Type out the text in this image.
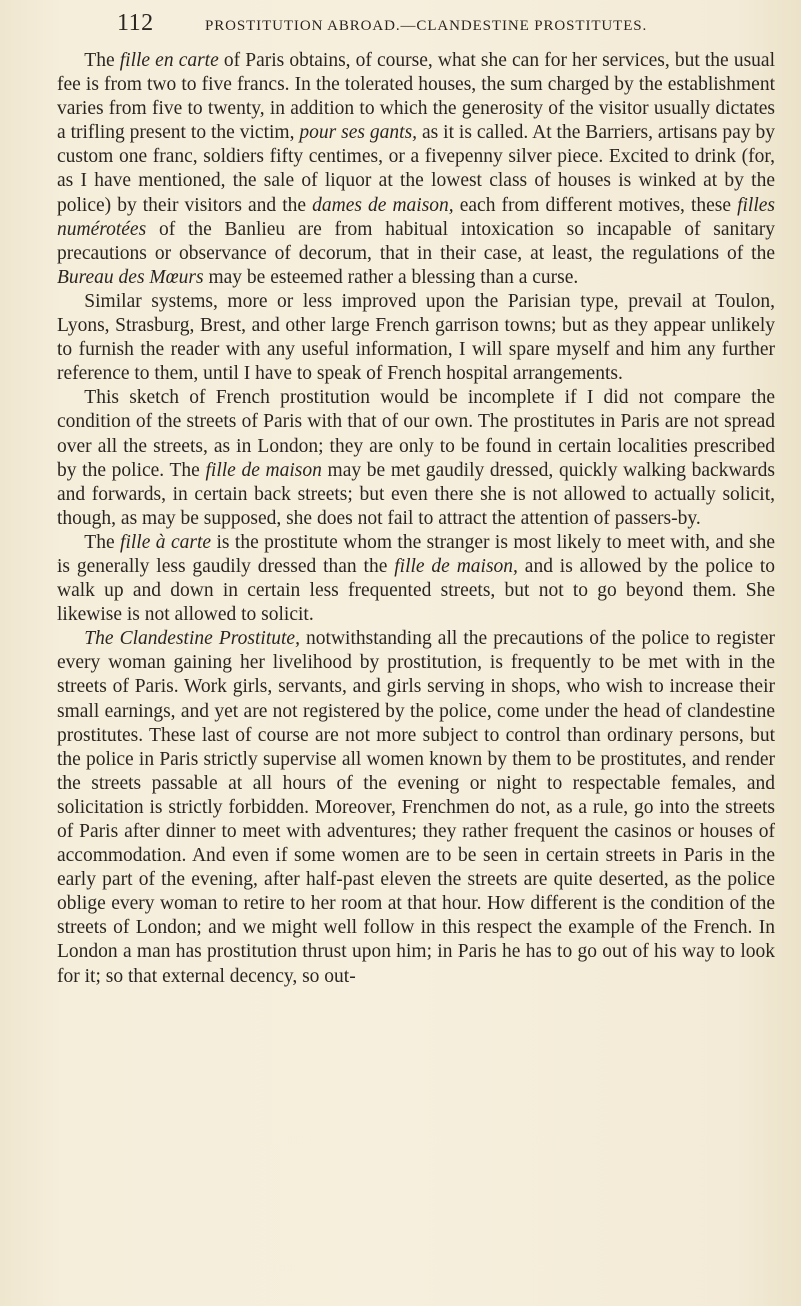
112	PROSTITUTION ABROAD.—CLANDESTINE PROSTITUTES.

The fille en carte of Paris obtains, of course, what she can for her services, but the usual fee is from two to five francs. In the tolerated houses, the sum charged by the establishment varies from five to twenty, in addition to which the generosity of the visitor usually dictates a trifling present to the victim, pour ses gants, as it is called. At the Barriers, artisans pay by custom one franc, soldiers fifty centimes, or a fivepenny silver piece. Excited to drink (for, as I have mentioned, the sale of liquor at the lowest class of houses is winked at by the police) by their visitors and the dames de maison, each from different motives, these filles numérotées of the Banlieu are from habitual intoxication so incapable of sanitary precautions or observance of decorum, that in their case, at least, the regulations of the Bureau des Mœurs may be esteemed rather a blessing than a curse.

Similar systems, more or less improved upon the Parisian type, prevail at Toulon, Lyons, Strasburg, Brest, and other large French garrison towns; but as they appear unlikely to furnish the reader with any useful information, I will spare myself and him any further reference to them, until I have to speak of French hospital arrangements.

This sketch of French prostitution would be incomplete if I did not compare the condition of the streets of Paris with that of our own. The prostitutes in Paris are not spread over all the streets, as in London; they are only to be found in certain localities prescribed by the police. The fille de maison may be met gaudily dressed, quickly walking backwards and forwards, in certain back streets; but even there she is not allowed to actually solicit, though, as may be supposed, she does not fail to attract the attention of passers-by.

The fille à carte is the prostitute whom the stranger is most likely to meet with, and she is generally less gaudily dressed than the fille de maison, and is allowed by the police to walk up and down in certain less frequented streets, but not to go beyond them. She likewise is not allowed to solicit.

The Clandestine Prostitute, notwithstanding all the precautions of the police to register every woman gaining her livelihood by prostitution, is frequently to be met with in the streets of Paris. Work girls, servants, and girls serving in shops, who wish to increase their small earnings, and yet are not registered by the police, come under the head of clandestine prostitutes. These last of course are not more subject to control than ordinary persons, but the police in Paris strictly supervise all women known by them to be prostitutes, and render the streets passable at all hours of the evening or night to respectable females, and solicitation is strictly forbidden. Moreover, Frenchmen do not, as a rule, go into the streets of Paris after dinner to meet with adventures; they rather frequent the casinos or houses of accommodation. And even if some women are to be seen in certain streets in Paris in the early part of the evening, after half-past eleven the streets are quite deserted, as the police oblige every woman to retire to her room at that hour. How different is the condition of the streets of London; and we might well follow in this respect the example of the French. In London a man has prostitution thrust upon him; in Paris he has to go out of his way to look for it; so that external decency, so out-
